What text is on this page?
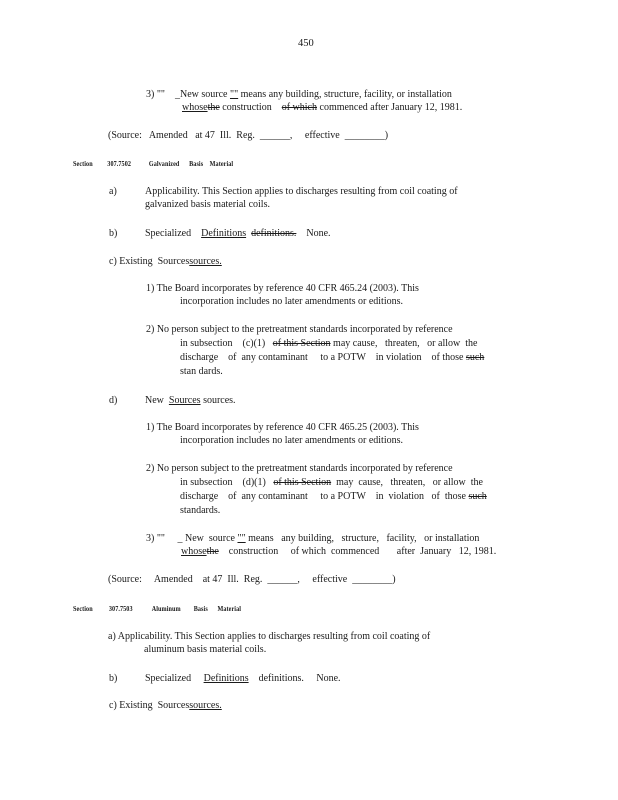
450
3) "" _New source "" means any building, structure, facility, or installation
whosethe construction of which commenced after January 12, 1981.
(Source:   Amended   at 47  Ill.  Reg. ______, effective ________)
Section 307.7502 Galvanized      Basis    Material
a)	Applicability. This Section applies to discharges resulting from coil coating of
galvanized basis material coils.
b)	Specialized Definitions definitions. None.
c) Existing  Sourcessources.
1) The Board incorporates by reference 40 CFR 465.24 (2003). This
incorporation includes no later amendments or editions.
2) No person subject to the pretreatment standards incorporated by reference
in subsection    (c)(1) of this Section may cause,   threaten,   or allow  the
discharge    of  any contaminant     to a POTW    in violation    of those such
stan dards.
d)	New Sources sources.
1) The Board incorporates by reference 40 CFR 465.25 (2003). This
incorporation includes no later amendments or editions.
2) No person subject to the pretreatment standards incorporated by reference
in subsection    (d)(1) of this Section  may  cause,   threaten,   or allow  the
discharge    of  any contaminant     to a POTW    in  violation   of  those such
standards.
3) "" _ New  source "" means   any building,   structure,   facility,   or installation
whosethe    construction     of which  commenced       after  January   12, 1981.
(Source:     Amended    at 47  Ill.  Reg. ______, effective ________)
Section 307.7503	Aluminum        Basis      Material
a) Applicability. This Section applies to discharges resulting from coil coating of
aluminum basis material coils.
b)	Specialized Definitions definitions.     None.
c) Existing  Sourcessources.
